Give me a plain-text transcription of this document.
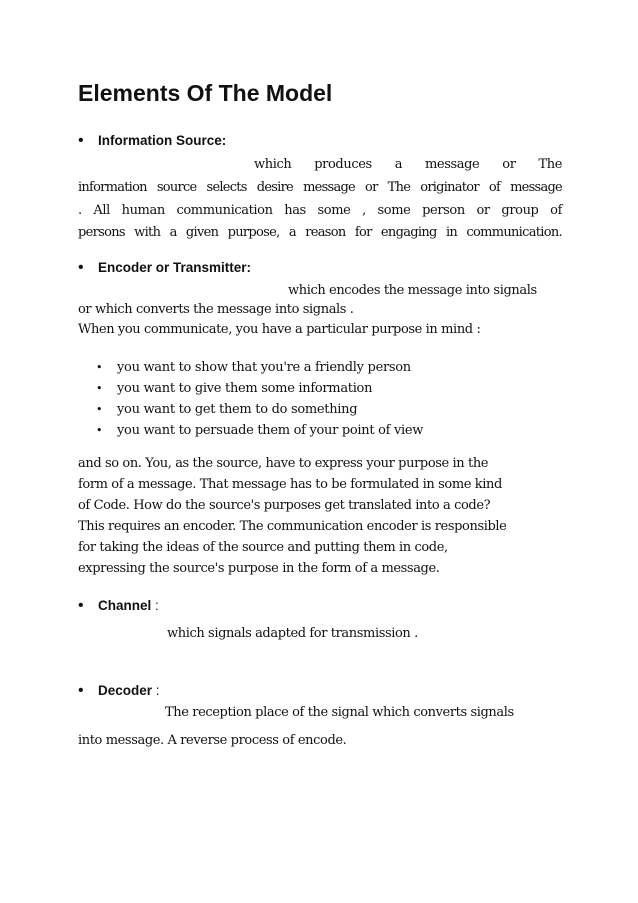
Elements Of The Model
• Information Source:
which produces a message or The
information source selects desire message or The originator of message
. All human communication has some , some person or group of
persons with a given purpose, a reason for engaging in communication.
• Encoder or Transmitter:
which encodes the message into signals
or which converts the message into signals .
When you communicate, you have a particular purpose in mind :
• you want to show that you're a friendly person
• you want to give them some information
• you want to get them to do something
• you want to persuade them of your point of view
and so on. You, as the source, have to express your purpose in the
form of a message. That message has to be formulated in some kind
of Code. How do the source's purposes get translated into a code?
This requires an encoder. The communication encoder is responsible
for taking the ideas of the source and putting them in code,
expressing the source's purpose in the form of a message.
• Channel :
which signals adapted for transmission .
• Decoder :
The reception place of the signal which converts signals
into message. A reverse process of encode.
